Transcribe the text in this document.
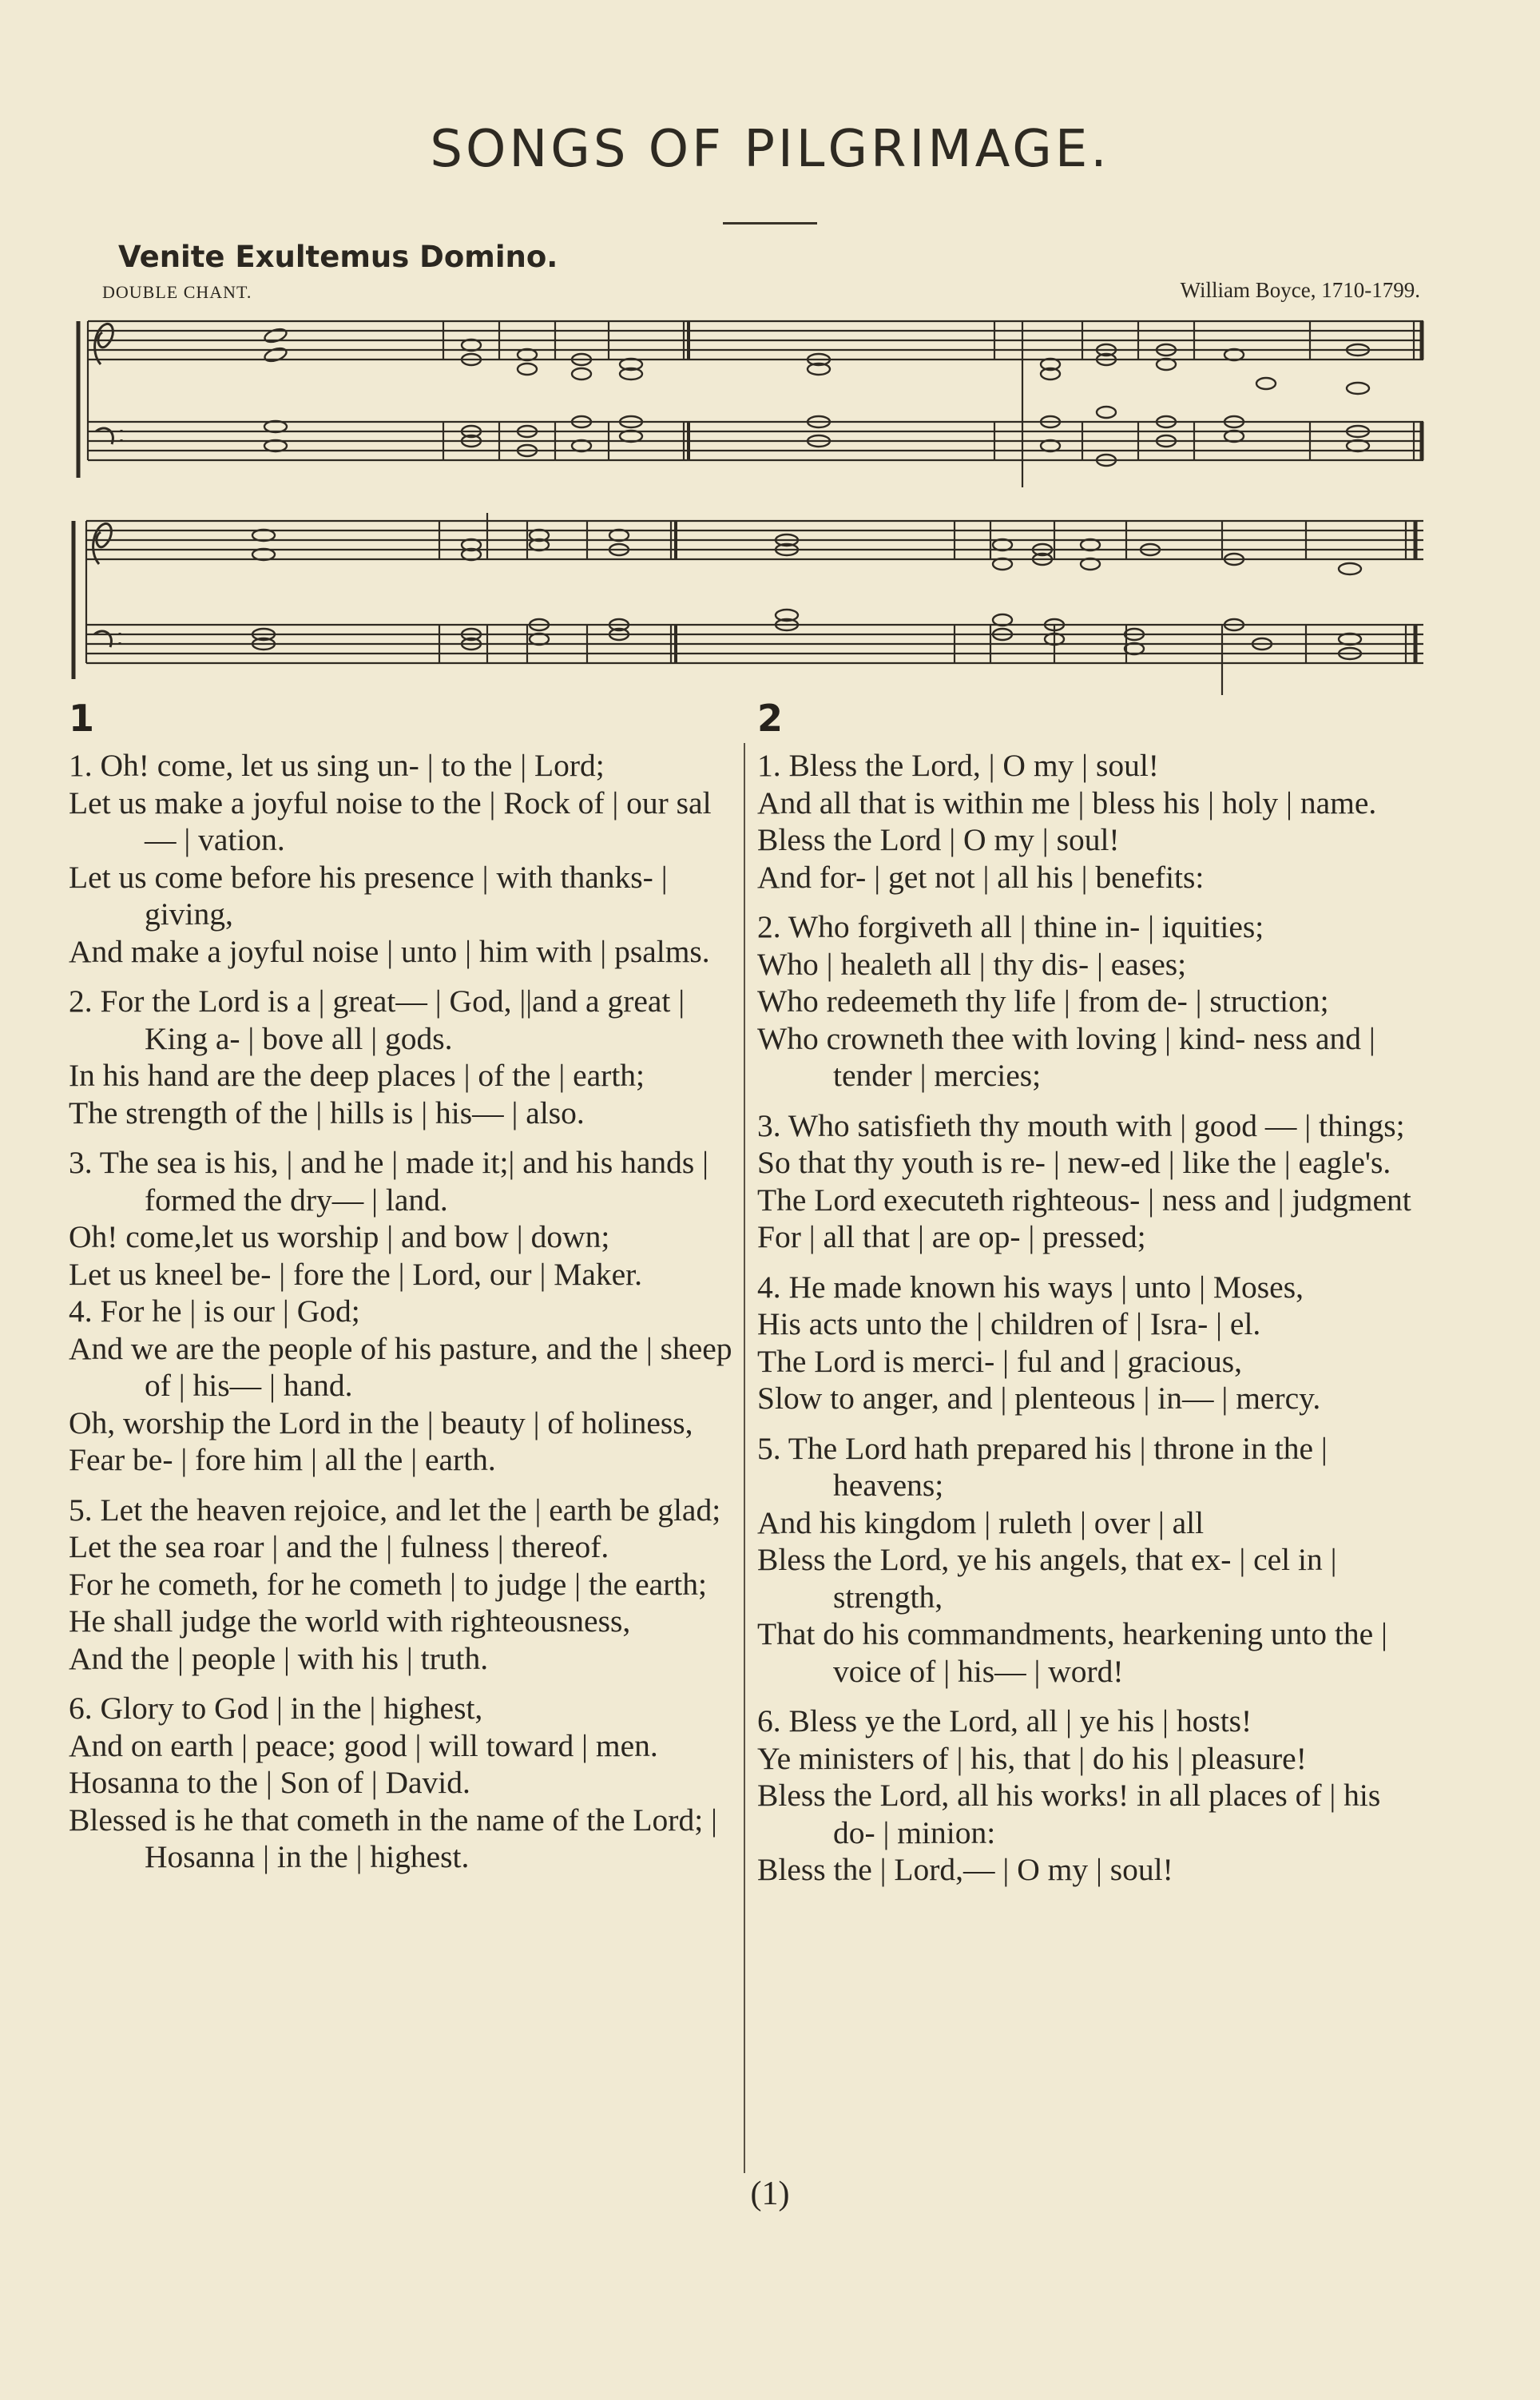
SONGS OF PILGRIMAGE.
Venite Exultemus Domino.
DOUBLE CHANT.	William Boyce, 1710-1799.
1	2
1. Oh! come, let us sing un- | to the | Lord;
Let us make a joyful noise to the | Rock of | our sal— | vation.
Let us come before his presence | with thanks- | giving,
And make a joyful noise | unto | him with | psalms.
2. For the Lord is a | great— | God, ||and a great | King a- | bove all | gods.
In his hand are the deep places | of the | earth;
The strength of the | hills is | his— | also.
3. The sea is his, | and he | made it;| and his hands | formed the dry— | land.
Oh! come,let us worship | and bow | down;
Let us kneel be- | fore the | Lord, our | Maker.
4. For he | is our | God;
And we are the people of his pasture, and the | sheep of | his— | hand.
Oh, worship the Lord in the | beauty | of holiness,
Fear be- | fore him | all the | earth.
5. Let the heaven rejoice, and let the | earth be glad;
Let the sea roar | and the | fulness | thereof.
For he cometh, for he cometh | to judge | the earth;
He shall judge the world with righteousness,
And the | people | with his | truth.
6. Glory to God | in the | highest,
And on earth | peace; good | will toward | men.
Hosanna to the | Son of | David.
Blessed is he that cometh in the name of the Lord; | Hosanna | in the | highest.
1. Bless the Lord, | O my | soul!
And all that is within me | bless his | holy | name.
Bless the Lord | O my | soul!
And for- | get not | all his | benefits:
2. Who forgiveth all | thine in- | iquities;
Who | healeth all | thy dis- | eases;
Who redeemeth thy life | from de- | struction;
Who crowneth thee with loving | kind- ness and | tender | mercies;
3. Who satisfieth thy mouth with | good — | things;
So that thy youth is re- | new-ed | like the | eagle's.
The Lord executeth righteous- | ness and | judgment
For | all that | are op- | pressed;
4. He made known his ways | unto | Moses,
His acts unto the | children of | Isra- | el.
The Lord is merci- | ful and | gracious,
Slow to anger, and | plenteous | in— | mercy.
5. The Lord hath prepared his | throne in the | heavens;
And his kingdom | ruleth | over | all
Bless the Lord, ye his angels, that ex- | cel in | strength,
That do his commandments, hearkening unto the | voice of | his— | word!
6. Bless ye the Lord, all | ye his | hosts!
Ye ministers of | his, that | do his | pleasure!
Bless the Lord, all his works! in all places of | his do- | minion:
Bless the | Lord,— | O my | soul!
(1)
